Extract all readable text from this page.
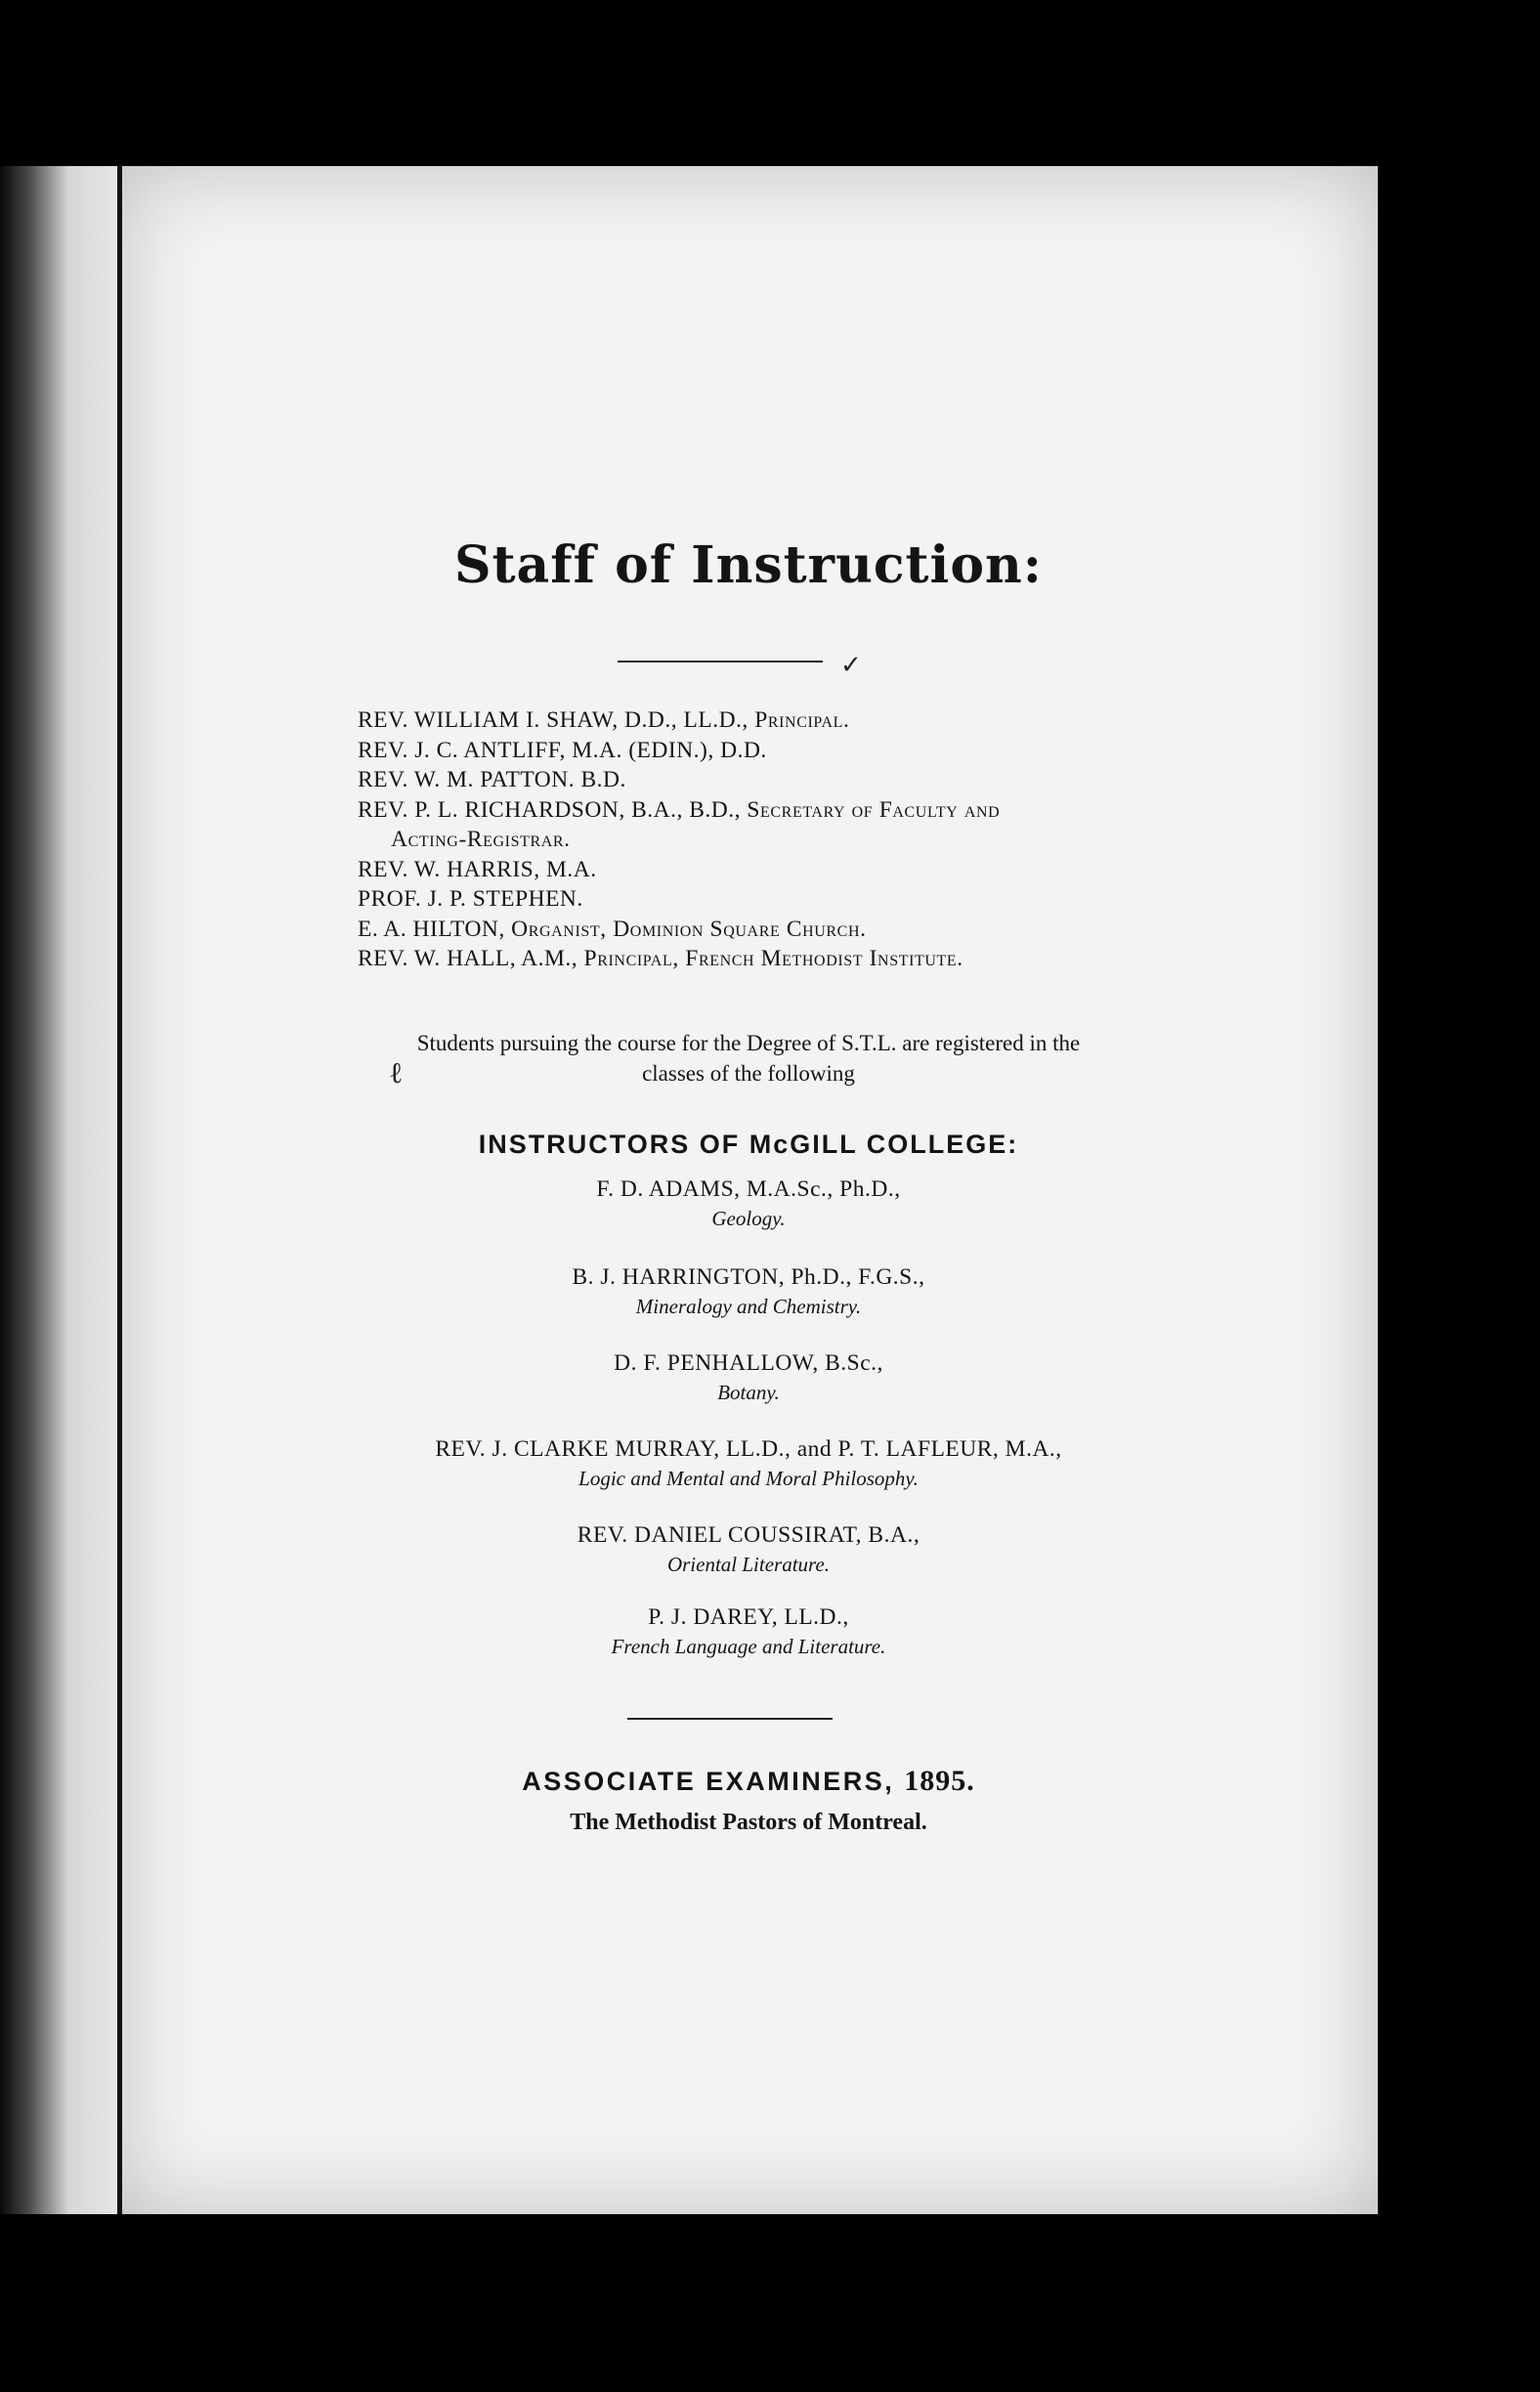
Staff of Instruction:
✓
REV. WILLIAM I. SHAW, D.D., LL.D., Principal.
REV. J. C. ANTLIFF, M.A. (EDIN.), D.D.
REV. W. M. PATTON. B.D.
REV. P. L. RICHARDSON, B.A., B.D., Secretary of Faculty and
Acting-Registrar.
REV. W. HARRIS, M.A.
PROF. J. P. STEPHEN.
E. A. HILTON, Organist, Dominion Square Church.
REV. W. HALL, A.M., Principal, French Methodist Institute.
Students pursuing the course for the Degree of S.T.L. are registered in the
classes of the following
ℓ
INSTRUCTORS OF McGILL COLLEGE:
F. D. ADAMS, M.A.Sc., Ph.D.,
Geology.
B. J. HARRINGTON, Ph.D., F.G.S.,
Mineralogy and Chemistry.
D. F. PENHALLOW, B.Sc.,
Botany.
REV. J. CLARKE MURRAY, LL.D., and P. T. LAFLEUR, M.A.,
Logic and Mental and Moral Philosophy.
REV. DANIEL COUSSIRAT, B.A.,
Oriental Literature.
P. J. DAREY, LL.D.,
French Language and Literature.
ASSOCIATE EXAMINERS, 1895.
The Methodist Pastors of Montreal.
